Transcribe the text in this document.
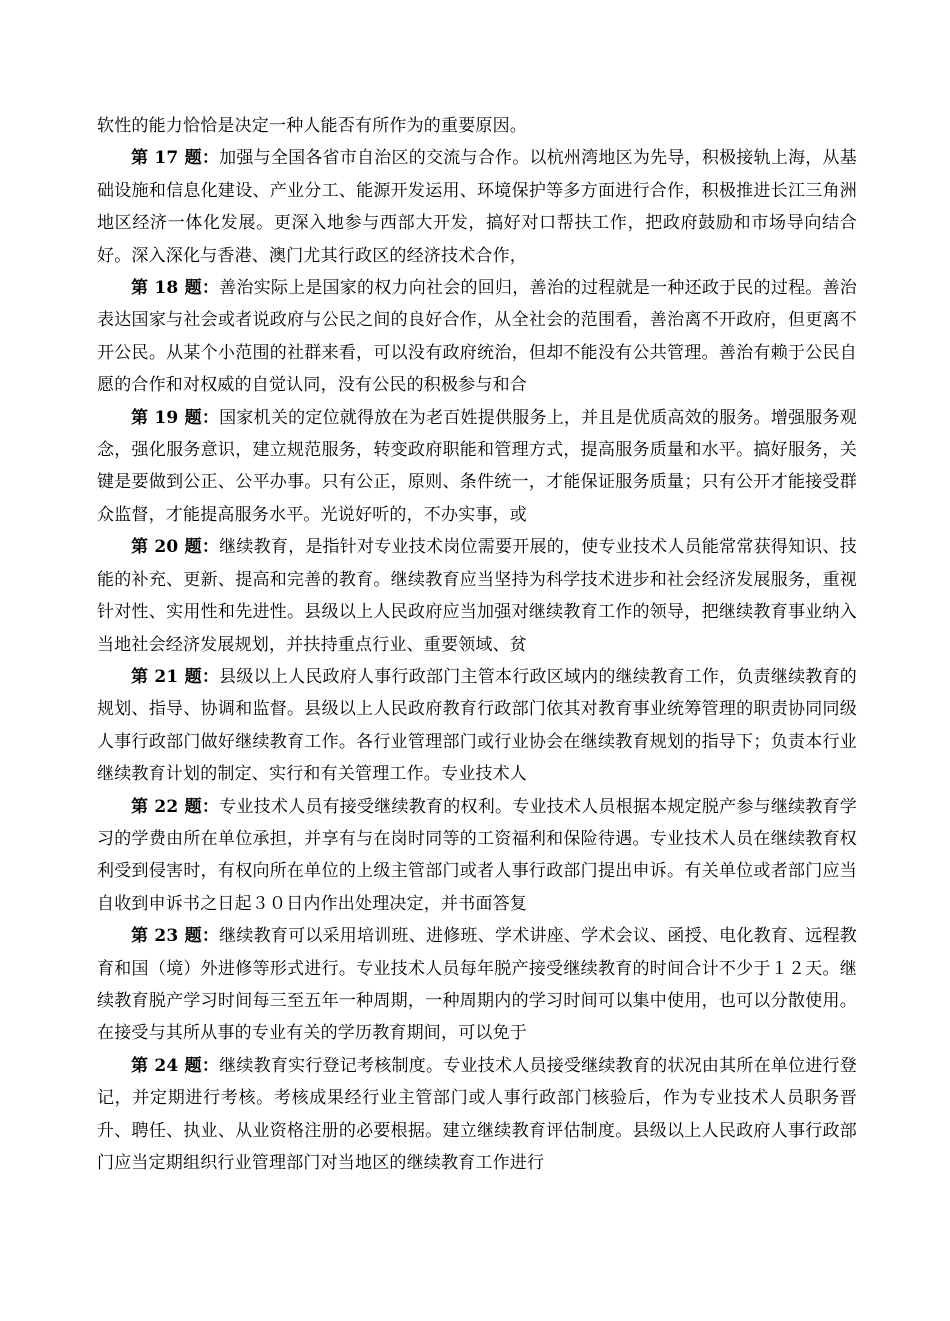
软性的能力恰恰是决定一种人能否有所作为的重要原因。

第 17 题：加强与全国各省市自治区的交流与合作。以杭州湾地区为先导，积极接轨上海，从基础设施和信息化建设、产业分工、能源开发运用、环境保护等多方面进行合作，积极推进长江三角洲地区经济一体化发展。更深入地参与西部大开发，搞好对口帮扶工作，把政府鼓励和市场导向结合好。深入深化与香港、澳门尤其行政区的经济技术合作，

第 18 题：善治实际上是国家的权力向社会的回归，善治的过程就是一种还政于民的过程。善治表达国家与社会或者说政府与公民之间的良好合作，从全社会的范围看，善治离不开政府，但更离不开公民。从某个小范围的社群来看，可以没有政府统治，但却不能没有公共管理。善治有赖于公民自愿的合作和对权威的自觉认同，没有公民的积极参与和合

第 19 题：国家机关的定位就得放在为老百姓提供服务上，并且是优质高效的服务。增强服务观念，强化服务意识，建立规范服务，转变政府职能和管理方式，提高服务质量和水平。搞好服务，关键是要做到公正、公平办事。只有公正，原则、条件统一，才能保证服务质量；只有公开才能接受群众监督，才能提高服务水平。光说好听的，不办实事，或

第 20 题：继续教育，是指针对专业技术岗位需要开展的，使专业技术人员能常常获得知识、技能的补充、更新、提高和完善的教育。继续教育应当坚持为科学技术进步和社会经济发展服务，重视针对性、实用性和先进性。县级以上人民政府应当加强对继续教育工作的领导，把继续教育事业纳入当地社会经济发展规划，并扶持重点行业、重要领域、贫

第 21 题：县级以上人民政府人事行政部门主管本行政区域内的继续教育工作，负责继续教育的规划、指导、协调和监督。县级以上人民政府教育行政部门依其对教育事业统筹管理的职责协同同级人事行政部门做好继续教育工作。各行业管理部门或行业协会在继续教育规划的指导下；负责本行业继续教育计划的制定、实行和有关管理工作。专业技术人

第 22 题：专业技术人员有接受继续教育的权利。专业技术人员根据本规定脱产参与继续教育学习的学费由所在单位承担，并享有与在岗时同等的工资福利和保险待遇。专业技术人员在继续教育权利受到侵害时，有权向所在单位的上级主管部门或者人事行政部门提出申诉。有关单位或者部门应当自收到申诉书之日起３０日内作出处理决定，并书面答复

第 23 题：继续教育可以采用培训班、进修班、学术讲座、学术会议、函授、电化教育、远程教育和国（境）外进修等形式进行。专业技术人员每年脱产接受继续教育的时间合计不少于１２天。继续教育脱产学习时间每三至五年一种周期，一种周期内的学习时间可以集中使用，也可以分散使用。在接受与其所从事的专业有关的学历教育期间，可以免于

第 24 题：继续教育实行登记考核制度。专业技术人员接受继续教育的状况由其所在单位进行登记，并定期进行考核。考核成果经行业主管部门或人事行政部门核验后，作为专业技术人员职务晋升、聘任、执业、从业资格注册的必要根据。建立继续教育评估制度。县级以上人民政府人事行政部门应当定期组织行业管理部门对当地区的继续教育工作进行
